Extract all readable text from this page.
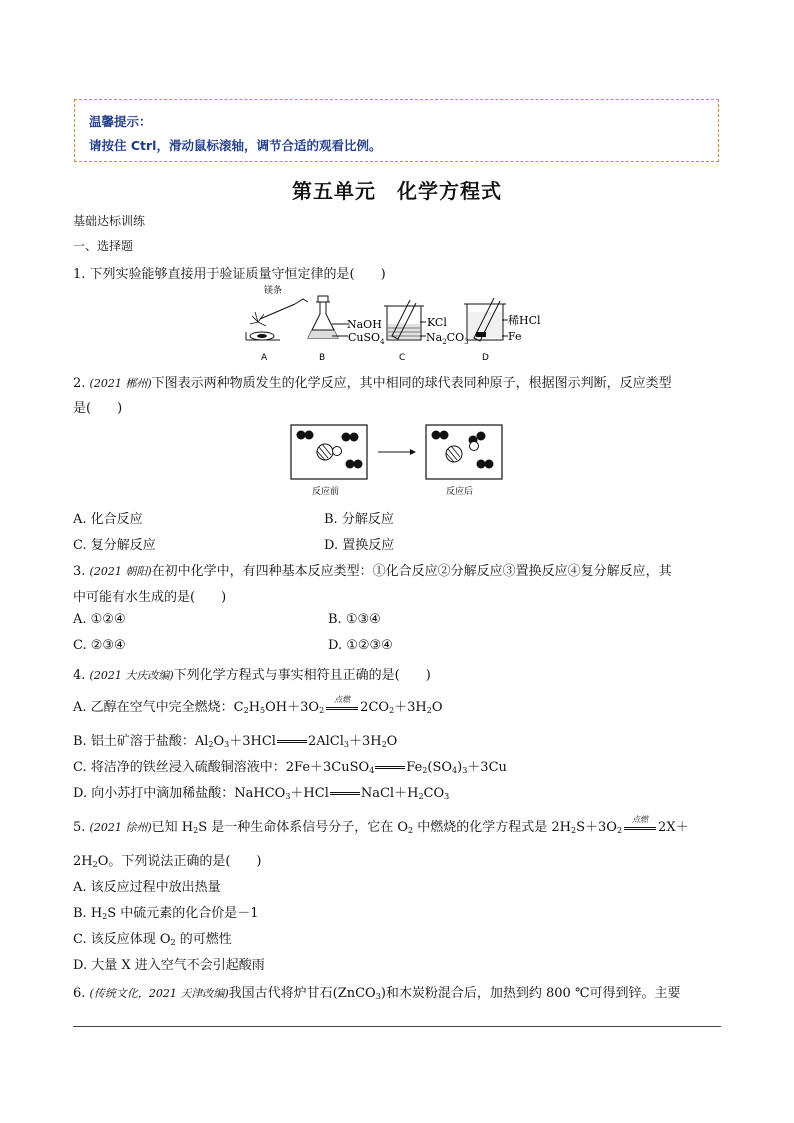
温馨提示：
请按住 Ctrl，滑动鼠标滚轴，调节合适的观看比例。
第五单元　化学方程式
基础达标训练
一、选择题
1. 下列实验能够直接用于验证质量守恒定律的是(　　)
镁条
A
NaOH
CuSO$_4$
B
KCl
$Na_2CO_3$
C
稀HCl
Fe
D
2. (2021 郴州)下图表示两种物质发生的化学反应，其中相同的球代表同种原子，根据图示判断，反应类型
是(　　)
反应前	反应后
A. 化合反应	B. 分解反应
C. 复分解反应	D. 置换反应
3. (2021 朝阳)在初中化学中，有四种基本反应类型：①化合反应②分解反应③置换反应④复分解反应，其
中可能有水生成的是(　　)
A. ①②④	B. ①③④
C. ②③④	D. ①②③④
4. (2021 大庆改编)下列化学方程式与事实相符且正确的是(　　)
A. 乙醇在空气中完全燃烧：$C_2H_5OH+3O_2$
点燃
$2CO_2+3H_2O$
B. 铝土矿溶于盐酸：$Al_2O_3+3HCl$ $2AlCl_3+3H_2O$
C. 将洁净的铁丝浸入硫酸铜溶液中：2Fe＋3CuSO$_4$ $Fe_2(SO_4)_3+3Cu$
D. 向小苏打中滴加稀盐酸：NaHCO$_3$＋HCl $NaCl+H_2CO_3$
5. (2021 徐州)已知 $H_2S$ 是一种生命体系信号分子，它在 $O_2$ 中燃烧的化学方程式是 $2H_2S+3O_2$
点燃
2X＋
$2H_2O$。下列说法正确的是(　　)
A. 该反应过程中放出热量
B. $H_2S$ 中硫元素的化合价是－1
C. 该反应体现 $O_2$ 的可燃性
D. 大量 X 进入空气不会引起酸雨
6. (传统文化，2021 天津改编)我国古代将炉甘石(ZnCO$_3$)和木炭粉混合后，加热到约 800 ℃可得到锌。主要
